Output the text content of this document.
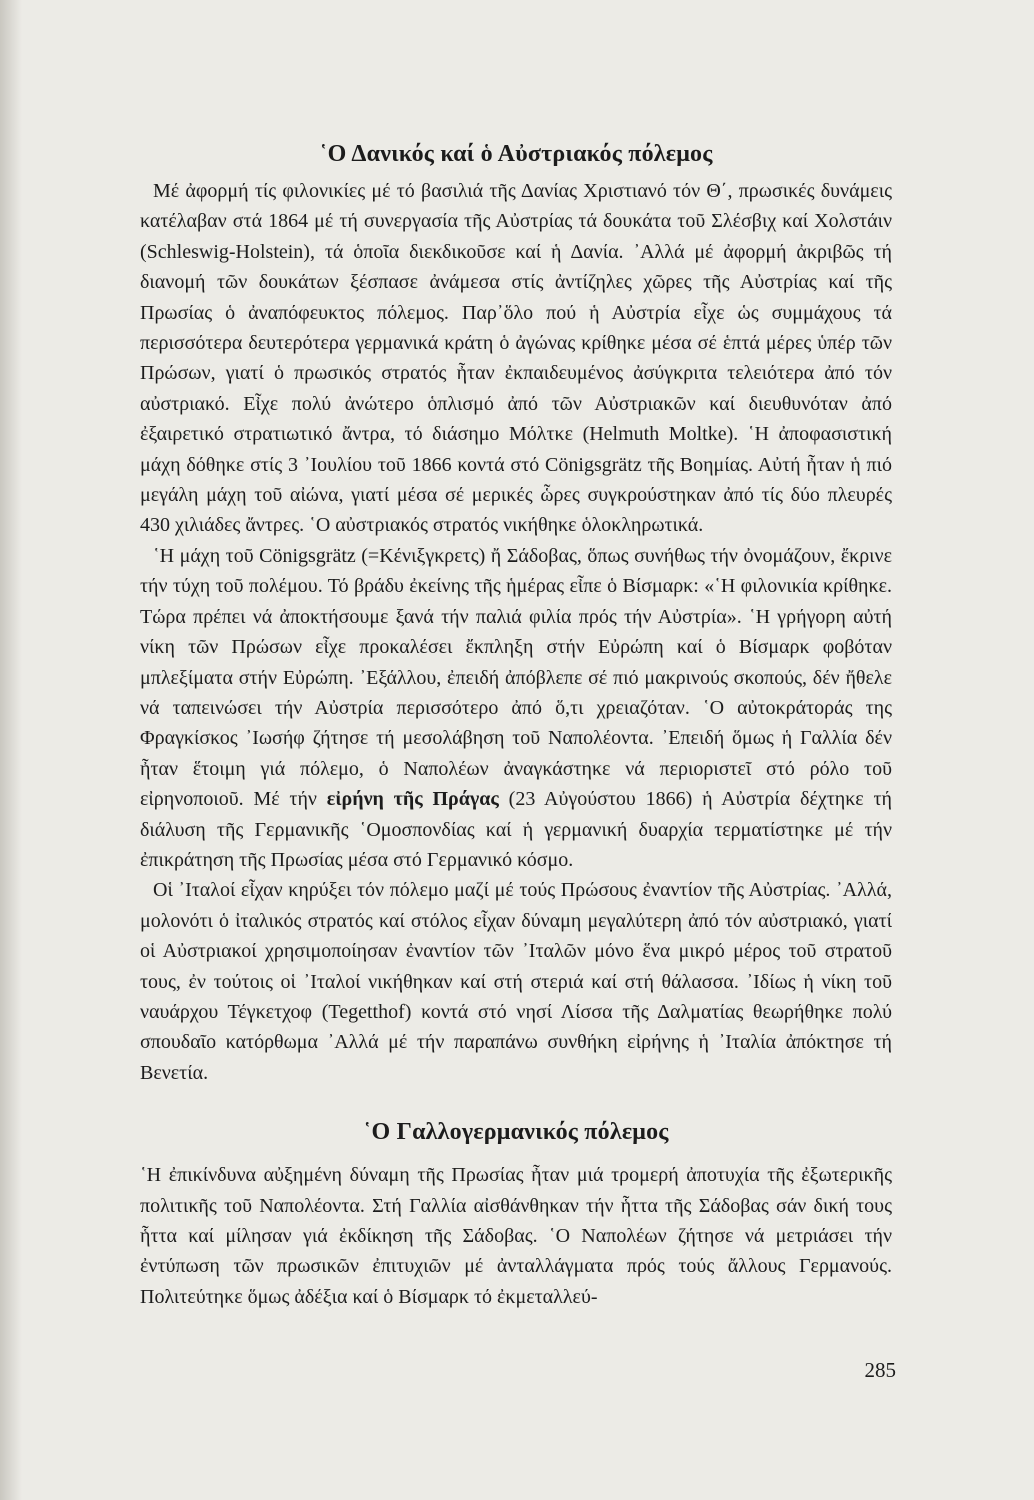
῾Ο Δανικός καί ὁ Αὐστριακός πόλεμος

Μέ ἀφορμή τίς φιλονικίες μέ τό βασιλιά τῆς Δανίας Χριστιανό τόν Θ΄, πρωσικές δυνάμεις κατέλαβαν στά 1864 μέ τή συνεργασία τῆς Αὐστρίας τά δουκάτα τοῦ Σλέσβιχ καί Χολστάιν (Schleswig-Holstein), τά ὁποῖα διεκδικοῦσε καί ἡ Δανία. ᾿Αλλά μέ ἀφορμή ἀκριβῶς τή διανομή τῶν δουκάτων ξέσπασε ἀνάμεσα στίς ἀντίζηλες χῶρες τῆς Αὐστρίας καί τῆς Πρωσίας ὁ ἀναπόφευκτος πόλεμος. Παρ᾿ὅλο πού ἡ Αὐστρία εἶχε ὡς συμμάχους τά περισσότερα δευτερότερα γερμανικά κράτη ὁ ἀγώνας κρίθηκε μέσα σέ ἑπτά μέρες ὑπέρ τῶν Πρώσων, γιατί ὁ πρωσικός στρατός ἦταν ἐκπαιδευμένος ἀσύγκριτα τελειότερα ἀπό τόν αὐστριακό. Εἶχε πολύ ἀνώτερο ὁπλισμό ἀπό τῶν Αὐστριακῶν καί διευθυνόταν ἀπό ἐξαιρετικό στρατιωτικό ἄντρα, τό διάσημο Μόλτκε (Helmuth Moltke). ῾Η ἀποφασιστική μάχη δόθηκε στίς 3 ᾿Ιουλίου τοῦ 1866 κοντά στό Cönigsgrätz τῆς Βοημίας. Αὐτή ἦταν ἡ πιό μεγάλη μάχη τοῦ αἰώνα, γιατί μέσα σέ μερικές ὧρες συγκρούστηκαν ἀπό τίς δύο πλευρές 430 χιλιάδες ἄντρες. ῾Ο αὐστριακός στρατός νικήθηκε ὁλοκληρωτικά.

῾Η μάχη τοῦ Cönigsgrätz (=Κένιξγκρετς) ἤ Σάδοβας, ὅπως συνήθως τήν ὀνομάζουν, ἔκρινε τήν τύχη τοῦ πολέμου. Τό βράδυ ἐκείνης τῆς ἡμέρας εἶπε ὁ Βίσμαρκ: «῾Η φιλονικία κρίθηκε. Τώρα πρέπει νά ἀποκτήσουμε ξανά τήν παλιά φιλία πρός τήν Αὐστρία». ῾Η γρήγορη αὐτή νίκη τῶν Πρώσων εἶχε προκαλέσει ἔκπληξη στήν Εὐρώπη καί ὁ Βίσμαρκ φοβόταν μπλεξίματα στήν Εὐρώπη. ᾿Εξάλλου, ἐπειδή ἀπόβλεπε σέ πιό μακρινούς σκοπούς, δέν ἤθελε νά ταπεινώσει τήν Αὐστρία περισσότερο ἀπό ὅ,τι χρειαζόταν. ῾Ο αὐτοκράτοράς της Φραγκίσκος ᾿Ιωσήφ ζήτησε τή μεσολάβηση τοῦ Ναπολέοντα. ᾿Επειδή ὅμως ἡ Γαλλία δέν ἦταν ἕτοιμη γιά πόλεμο, ὁ Ναπολέων ἀναγκάστηκε νά περιοριστεῖ στό ρόλο τοῦ εἰρηνοποιοῦ. Μέ τήν εἰρήνη τῆς Πράγας (23 Αὐγούστου 1866) ἡ Αὐστρία δέχτηκε τή διάλυση τῆς Γερμανικῆς ῾Ομοσπονδίας καί ἡ γερμανική δυαρχία τερματίστηκε μέ τήν ἐπικράτηση τῆς Πρωσίας μέσα στό Γερμανικό κόσμο.

Οἱ ᾿Ιταλοί εἶχαν κηρύξει τόν πόλεμο μαζί μέ τούς Πρώσους ἐναντίον τῆς Αὐστρίας. ᾿Αλλά, μολονότι ὁ ἰταλικός στρατός καί στόλος εἶχαν δύναμη μεγαλύτερη ἀπό τόν αὐστριακό, γιατί οἱ Αὐστριακοί χρησιμοποίησαν ἐναντίον τῶν ᾿Ιταλῶν μόνο ἕνα μικρό μέρος τοῦ στρατοῦ τους, ἐν τούτοις οἱ ᾿Ιταλοί νικήθηκαν καί στή στεριά καί στή θάλασσα. ᾿Ιδίως ἡ νίκη τοῦ ναυάρχου Τέγκετχοφ (Tegetthof) κοντά στό νησί Λίσσα τῆς Δαλματίας θεωρήθηκε πολύ σπουδαῖο κατόρθωμα ᾿Αλλά μέ τήν παραπάνω συνθήκη εἰρήνης ἡ ᾿Ιταλία ἀπόκτησε τή Βενετία.

῾Ο Γαλλογερμανικός πόλεμος

῾Η ἐπικίνδυνα αὐξημένη δύναμη τῆς Πρωσίας ἦταν μιά τρομερή ἀποτυχία τῆς ἐξωτερικῆς πολιτικῆς τοῦ Ναπολέοντα. Στή Γαλλία αἰσθάνθηκαν τήν ἧττα τῆς Σάδοβας σάν δική τους ἧττα καί μίλησαν γιά ἐκδίκηση τῆς Σάδοβας. ῾Ο Ναπολέων ζήτησε νά μετριάσει τήν ἐντύπωση τῶν πρωσικῶν ἐπιτυχιῶν μέ ἀνταλλάγματα πρός τούς ἄλλους Γερμανούς. Πολιτεύτηκε ὅμως ἀδέξια καί ὁ Βίσμαρκ τό ἐκμεταλλεύ-

285
